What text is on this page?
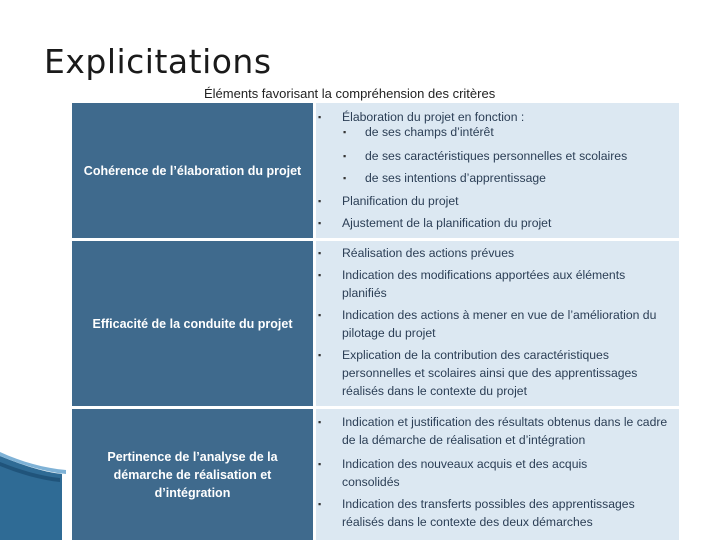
Explicitations
Éléments favorisant la compréhension des critères
Cohérence de l’élaboration du projet
▪ Élaboration du projet en fonction :
▪ de ses champs d’intérêt
▪ de ses caractéristiques personnelles et scolaires
▪ de ses intentions d’apprentissage
▪ Planification du projet
▪ Ajustement de la planification du projet
Efficacité de la conduite du projet
▪ Réalisation des actions prévues
▪ Indication des modifications apportées aux éléments planifiés
▪ Indication des actions à mener en vue de l’amélioration du pilotage du projet
▪ Explication de la contribution des caractéristiques personnelles et scolaires ainsi que des apprentissages réalisés dans le contexte du projet
Pertinence de l’analyse de la démarche de réalisation et d’intégration
▪ Indication et justification des résultats obtenus dans le cadre de la démarche de réalisation et d’intégration
▪ Indication des nouveaux acquis et des acquis consolidés
▪ Indication des transferts possibles des apprentissages réalisés dans le contexte des deux démarches
